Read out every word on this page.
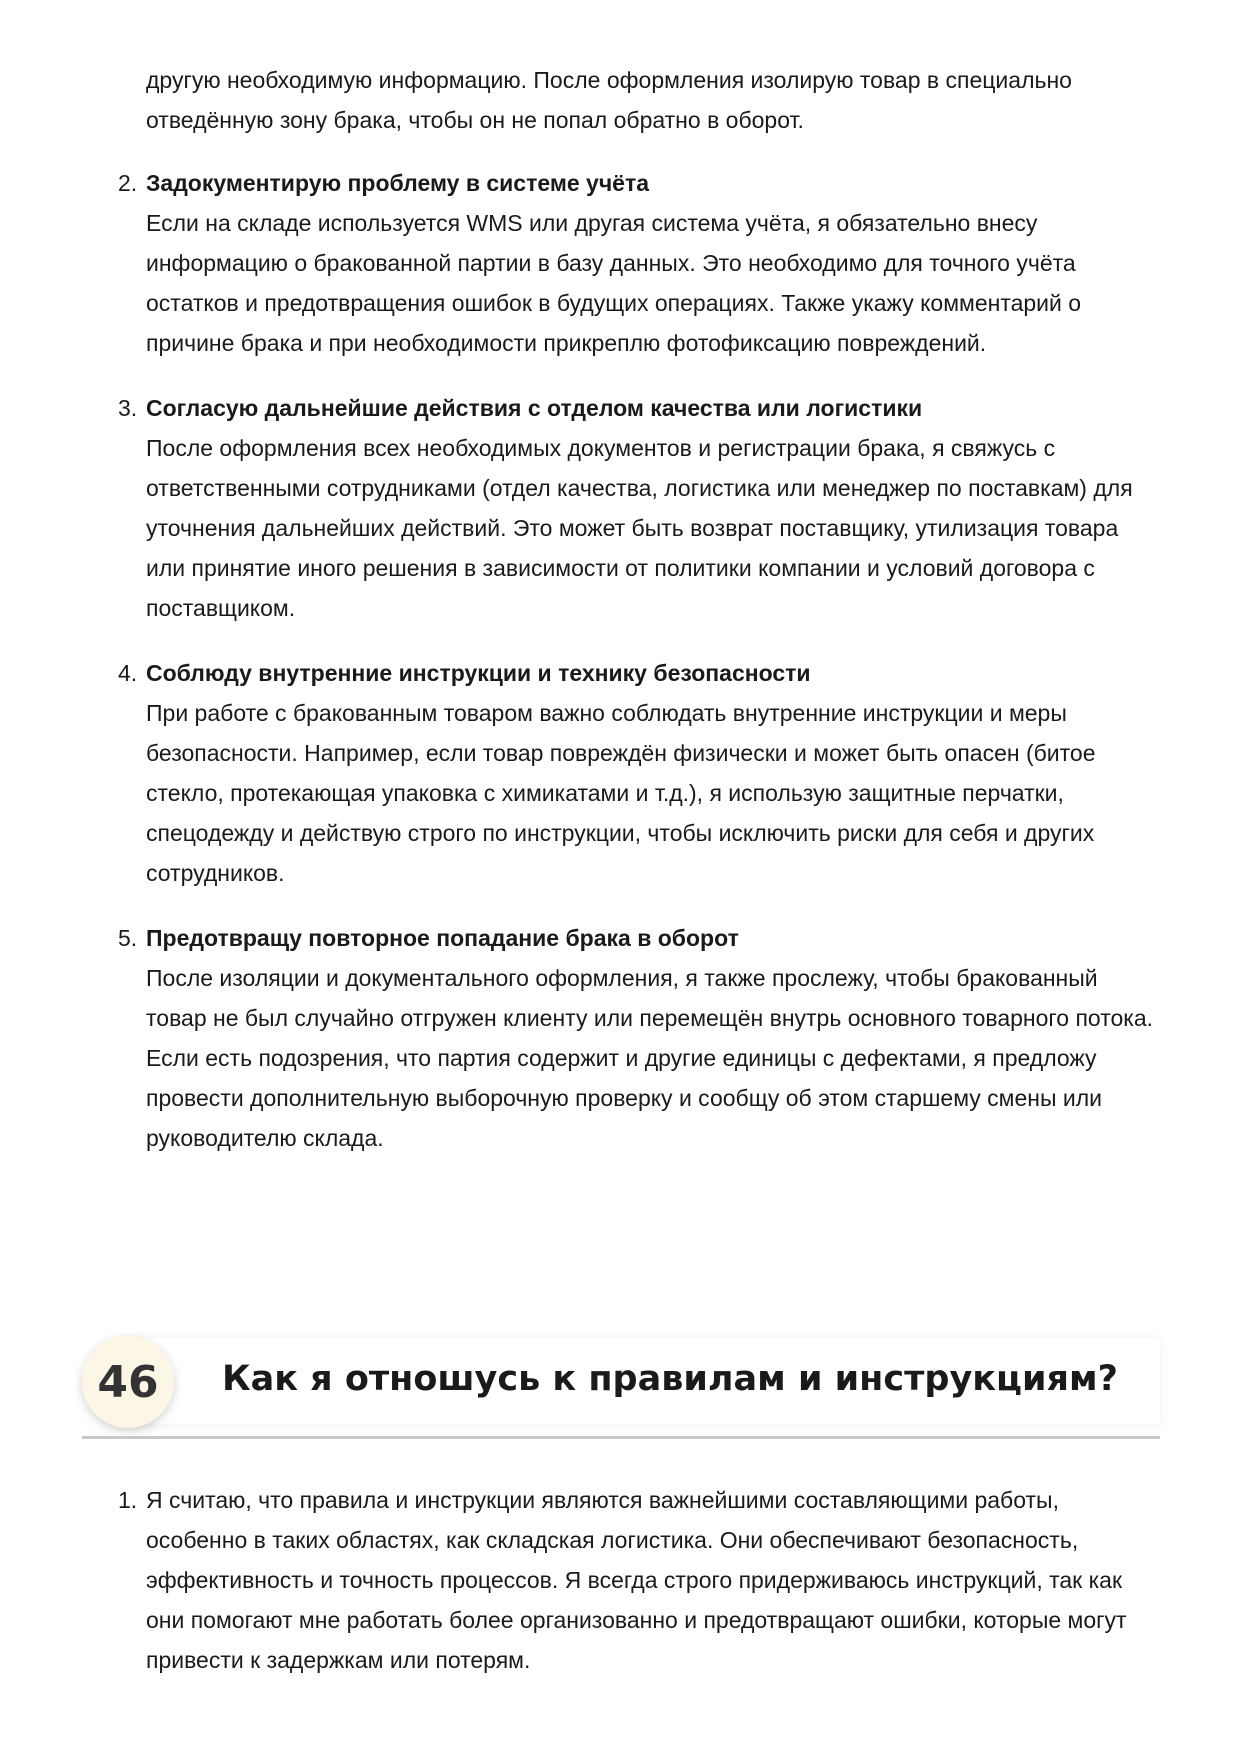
другую необходимую информацию. После оформления изолирую товар в специально отведённую зону брака, чтобы он не попал обратно в оборот.

2. Задокументирую проблему в системе учёта
Если на складе используется WMS или другая система учёта, я обязательно внесу информацию о бракованной партии в базу данных. Это необходимо для точного учёта остатков и предотвращения ошибок в будущих операциях. Также укажу комментарий о причине брака и при необходимости прикреплю фотофиксацию повреждений.
3. Согласую дальнейшие действия с отделом качества или логистики
После оформления всех необходимых документов и регистрации брака, я свяжусь с ответственными сотрудниками (отдел качества, логистика или менеджер по поставкам) для уточнения дальнейших действий. Это может быть возврат поставщику, утилизация товара или принятие иного решения в зависимости от политики компании и условий договора с поставщиком.
4. Соблюду внутренние инструкции и технику безопасности
При работе с бракованным товаром важно соблюдать внутренние инструкции и меры безопасности. Например, если товар повреждён физически и может быть опасен (битое стекло, протекающая упаковка с химикатами и т.д.), я использую защитные перчатки, спецодежду и действую строго по инструкции, чтобы исключить риски для себя и других сотрудников.
5. Предотвращу повторное попадание брака в оборот
После изоляции и документального оформления, я также прослежу, чтобы бракованный товар не был случайно отгружен клиенту или перемещён внутрь основного товарного потока. Если есть подозрения, что партия содержит и другие единицы с дефектами, я предложу провести дополнительную выборочную проверку и сообщу об этом старшему смены или руководителю склада.
46	Как я отношусь к правилам и инструкциям?
1. Я считаю, что правила и инструкции являются важнейшими составляющими работы, особенно в таких областях, как складская логистика. Они обеспечивают безопасность, эффективность и точность процессов. Я всегда строго придерживаюсь инструкций, так как они помогают мне работать более организованно и предотвращают ошибки, которые могут привести к задержкам или потерям.
